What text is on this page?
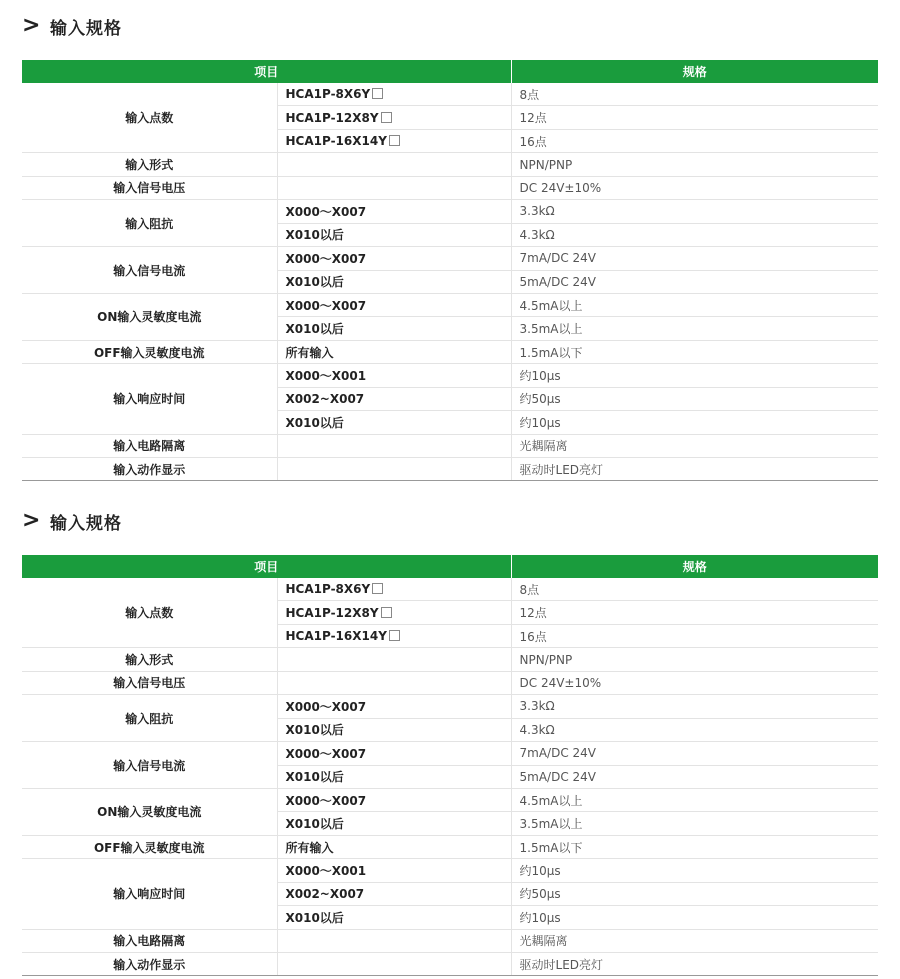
> 输入规格
项目		规格
输入点数	HCA1P-8X6Y	8点
	HCA1P-12X8Y	12点
	HCA1P-16X14Y	16点
输入形式		NPN/PNP
输入信号电压		DC 24V±10%
输入阻抗	X000～X007	3.3kΩ
	X010以后	4.3kΩ
输入信号电流	X000～X007	7mA/DC 24V
	X010以后	5mA/DC 24V
ON输入灵敏度电流	X000～X007	4.5mA以上
	X010以后	3.5mA以上
OFF输入灵敏度电流	所有输入	1.5mA以下
输入响应时间	X000～X001	约10μs
	X002~X007	约50μs
	X010以后	约10μs
输入电路隔离		光耦隔离
输入动作显示		驱动时LED亮灯
> 输入规格
项目		规格
输入点数	HCA1P-8X6Y	8点
	HCA1P-12X8Y	12点
	HCA1P-16X14Y	16点
输入形式		NPN/PNP
输入信号电压		DC 24V±10%
输入阻抗	X000～X007	3.3kΩ
	X010以后	4.3kΩ
输入信号电流	X000～X007	7mA/DC 24V
	X010以后	5mA/DC 24V
ON输入灵敏度电流	X000～X007	4.5mA以上
	X010以后	3.5mA以上
OFF输入灵敏度电流	所有输入	1.5mA以下
输入响应时间	X000～X001	约10μs
	X002~X007	约50μs
	X010以后	约10μs
输入电路隔离		光耦隔离
输入动作显示		驱动时LED亮灯
